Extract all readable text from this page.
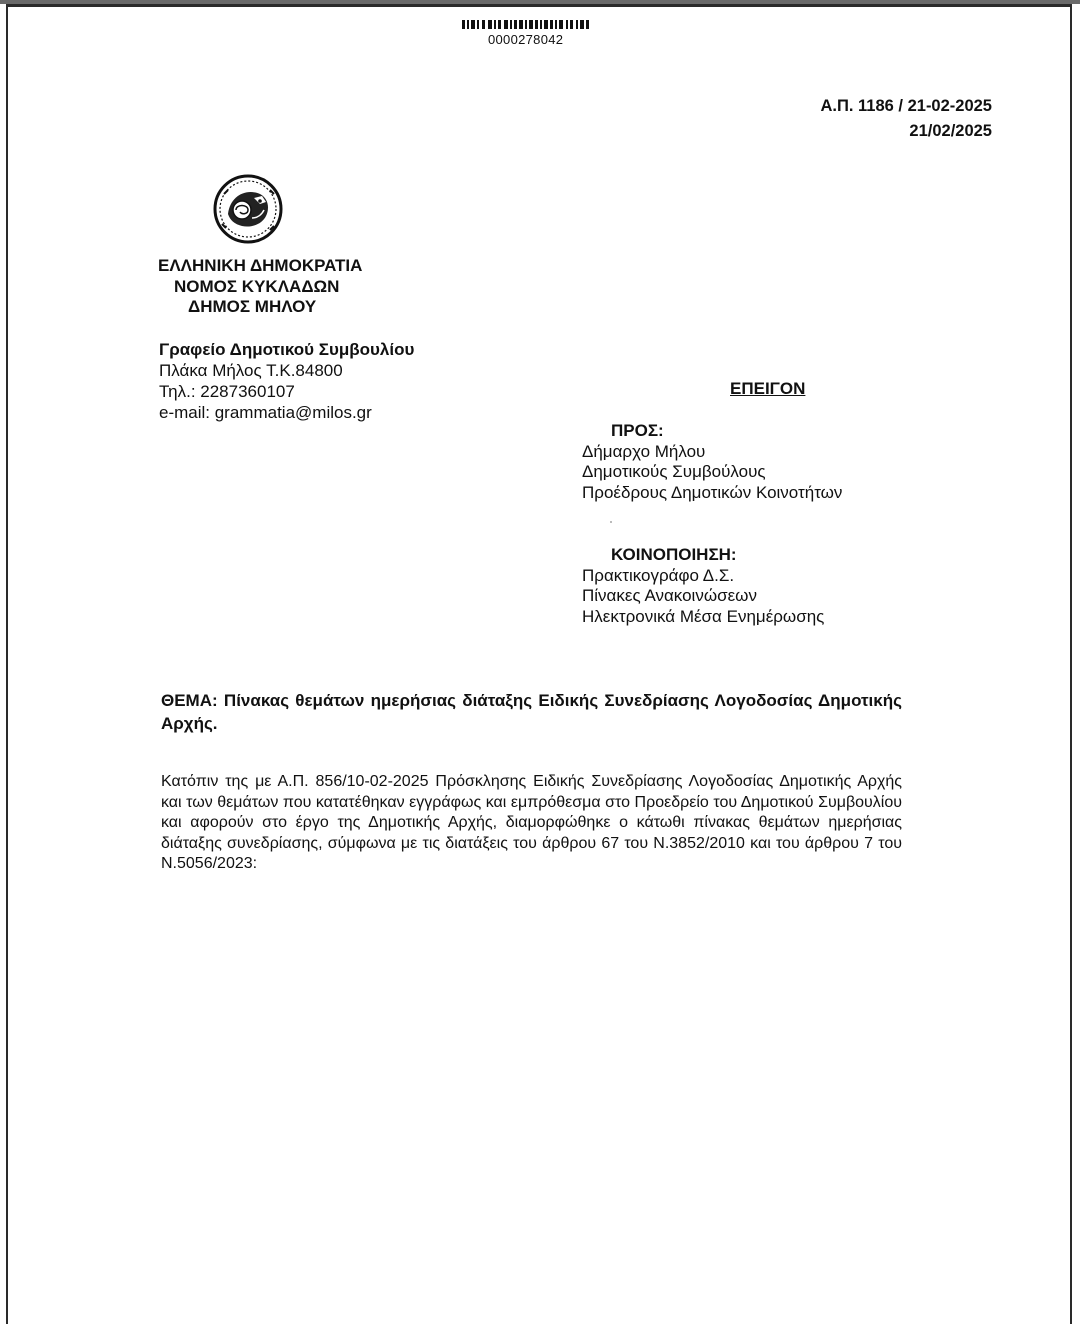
0000278042
Α.Π. 1186 / 21-02-2025
21/02/2025
ΕΛΛΗΝΙΚΗ ΔΗΜΟΚΡΑΤΙΑ
ΝΟΜΟΣ ΚΥΚΛΑΔΩΝ
ΔΗΜΟΣ ΜΗΛΟΥ
Γραφείο Δημοτικού Συμβουλίου
Πλάκα Μήλος Τ.Κ.84800
Τηλ.: 2287360107
e-mail: grammatia@milos.gr
ΕΠΕΙΓΟΝ
ΠΡΟΣ:
Δήμαρχο Μήλου
Δημοτικούς Συμβούλους
Προέδρους Δημοτικών Κοινοτήτων
ΚΟΙΝΟΠΟΙΗΣΗ:
Πρακτικογράφο Δ.Σ.
Πίνακες Ανακοινώσεων
Ηλεκτρονικά Μέσα Ενημέρωσης
ΘΕΜΑ: Πίνακας θεμάτων ημερήσιας διάταξης Ειδικής Συνεδρίασης Λογοδοσίας Δημοτικής Αρχής.
Κατόπιν της με Α.Π. 856/10-02-2025 Πρόσκλησης Ειδικής Συνεδρίασης Λογοδοσίας Δημοτικής Αρχής και των θεμάτων που κατατέθηκαν εγγράφως και εμπρόθεσμα στο Προεδρείο του Δημοτικού Συμβουλίου και αφορούν στο έργο της Δημοτικής Αρχής, διαμορφώθηκε ο κάτωθι πίνακας θεμάτων ημερήσιας διάταξης συνεδρίασης, σύμφωνα με τις διατάξεις του άρθρου 67 του Ν.3852/2010 και του άρθρου 7 του Ν.5056/2023:
